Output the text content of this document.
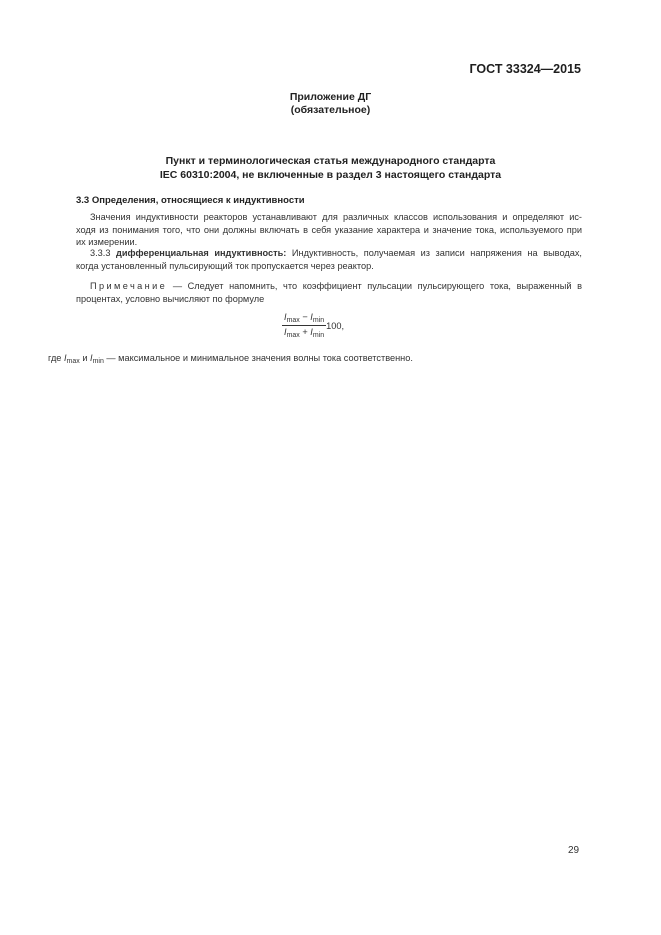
ГОСТ 33324—2015
Приложение ДГ
(обязательное)
Пункт и терминологическая статья международного стандарта
IEC 60310:2004, не включенные в раздел 3 настоящего стандарта
3.3 Определения, относящиеся к индуктивности
Значения индуктивности реакторов устанавливают для различных классов использования и определяют ис-
ходя из понимания того, что они должны включать в себя указание характера и значение тока, используемого при
их измерении.
3.3.3 дифференциальная индуктивность: Индуктивность, получаемая из записи напряжения на выводах,
когда установленный пульсирующий ток пропускается через реактор.
Примечание — Следует напомнить, что коэффициент пульсации пульсирующего тока, выраженный в
процентах, условно вычисляют по формуле
$\frac{I_{max} - I_{min}}{I_{max} + I_{min}} 100$,
где $I_{max}$ и $I_{min}$ — максимальное и минимальное значения волны тока соответственно.
29
